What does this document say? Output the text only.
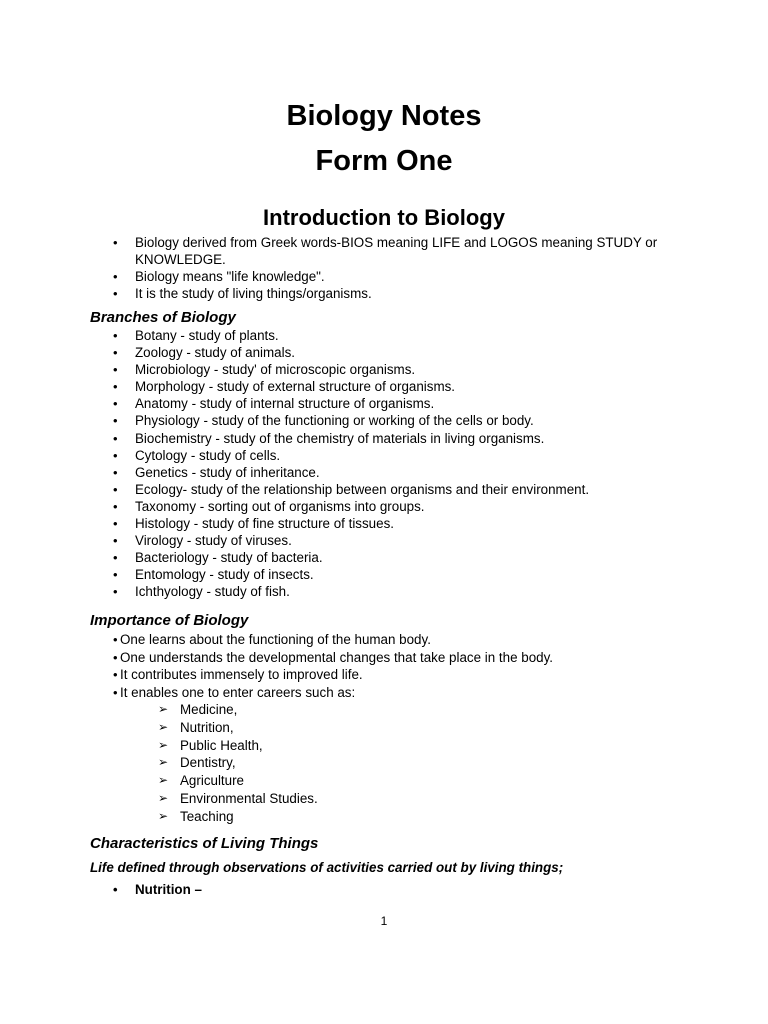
Biology Notes
Form One
Introduction to Biology
• Biology derived from Greek words-BIOS meaning LIFE and LOGOS meaning STUDY or
KNOWLEDGE.
• Biology means "life knowledge".
• It is the study of living things/organisms.
Branches of Biology
• Botany - study of plants.
• Zoology - study of animals.
• Microbiology - study' of microscopic organisms.
• Morphology - study of external structure of organisms.
• Anatomy - study of internal structure of organisms.
• Physiology - study of the functioning or working of the cells or body.
• Biochemistry - study of the chemistry of materials in living organisms.
• Cytology - study of cells.
• Genetics - study of inheritance.
• Ecology- study of the relationship between organisms and their environment.
• Taxonomy - sorting out of organisms into groups.
• Histology - study of fine structure of tissues.
• Virology - study of viruses.
• Bacteriology - study of bacteria.
• Entomology - study of insects.
• Ichthyology - study of fish.
Importance of Biology
• One learns about the functioning of the human body.
• One understands the developmental changes that take place in the body.
• It contributes immensely to improved life.
• It enables one to enter careers such as:
➢ Medicine,
➢ Nutrition,
➢ Public Health,
➢ Dentistry,
➢ Agriculture
➢ Environmental Studies.
➢ Teaching
Characteristics of Living Things
Life defined through observations of activities carried out by living things;
• Nutrition –
1
